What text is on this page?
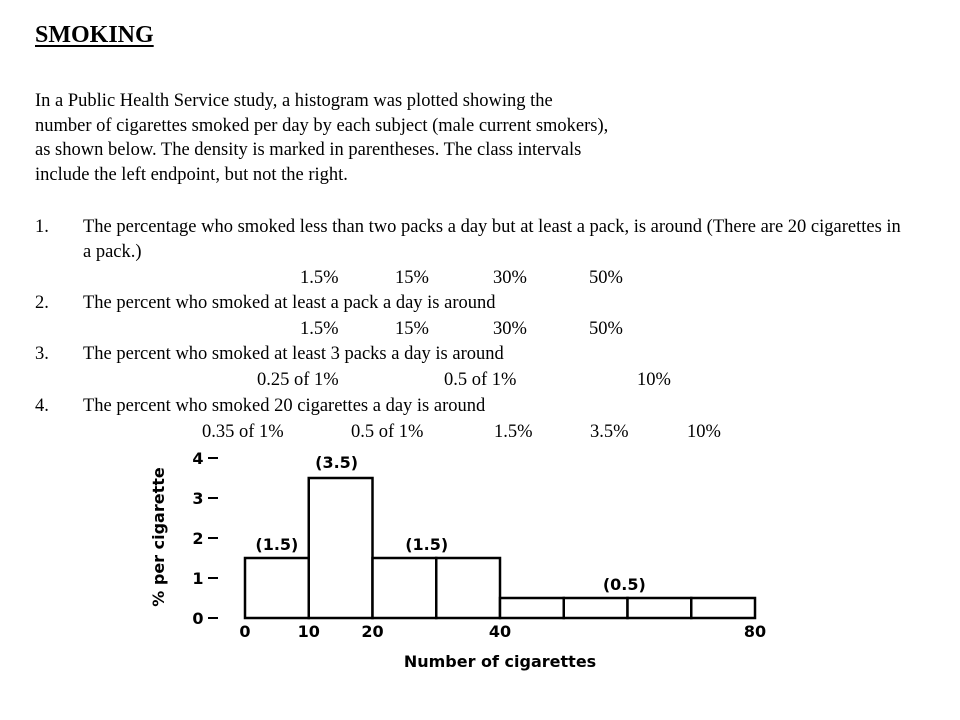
SMOKING
In a Public Health Service study, a histogram was plotted showing the
number of cigarettes smoked per day by each subject (male current smokers),
as shown below. The density is marked in parentheses. The class intervals
include the left endpoint, but not the right.
1. The percentage who smoked less than two packs a day but at least a pack, is around (There are 20 cigarettes in a pack.)
1.5%	15%	30%	50%
2. The percent who smoked at least a pack a day is around
1.5%	15%	30%	50%
3. The percent who smoked at least 3 packs a day is around
0.25 of 1%	0.5 of 1%	10%
4. The percent who smoked 20 cigarettes a day is around
0.35 of 1%	0.5 of 1%	1.5%	3.5%	10%
(1.5)
(3.5)
(1.5)
(0.5)
0
1
2
3
4
0	10	20	40	80
% per cigarette
Number of cigarettes
